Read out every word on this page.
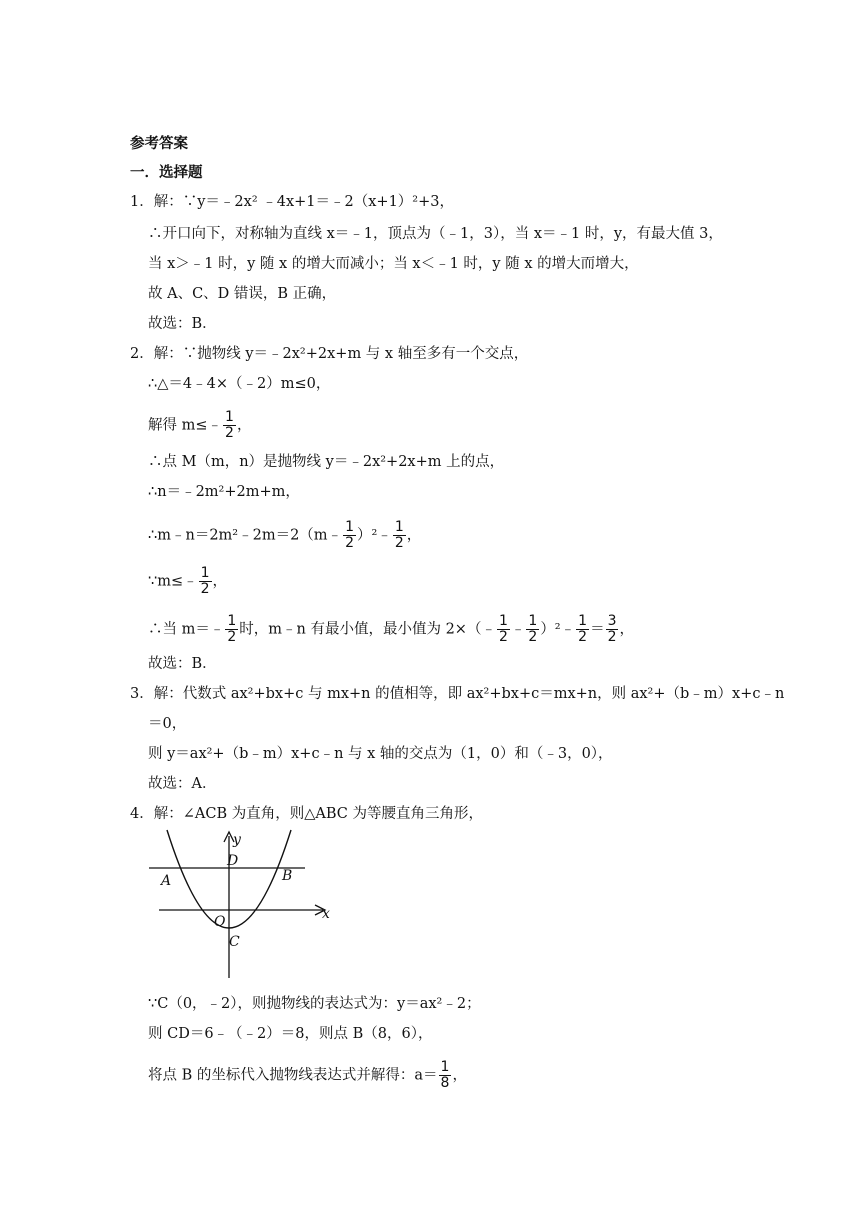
参考答案
一．选择题
1．解：∵y＝﹣2x² ﹣4x+1＝﹣2（x+1）²+3，
∴开口向下，对称轴为直线 x＝﹣1，顶点为（﹣1，3），当 x＝﹣1 时，y，有最大值 3，
当 x＞﹣1 时，y 随 x 的增大而减小；当 x＜﹣1 时，y 随 x 的增大而增大，
故 A、C、D 错误，B 正确，
故选：B．
2．解：∵抛物线 y＝﹣2x²+2x+m 与 x 轴至多有一个交点，
∴△＝4﹣4×（﹣2）m≤0，
解得 m≤﹣ $\frac{1}{2}$ ，
∴点 M（m，n）是抛物线 y＝﹣2x²+2x+m 上的点，
∴n＝﹣2m²+2m+m，
∴m﹣n＝2m²﹣2m＝2（m﹣ $\frac{1}{2}$ ）²﹣ $\frac{1}{2}$ ，
∵m≤﹣ $\frac{1}{2}$ ，
∴当 m＝﹣ $\frac{1}{2}$ 时，m﹣n 有最小值，最小值为 2×（﹣ $\frac{1}{2}$ ﹣ $\frac{1}{2}$ ）²﹣ $\frac{1}{2} = \frac{3}{2}$ ，
故选：B．
3．解：代数式 ax²+bx+c 与 mx+n 的值相等，即 ax²+bx+c＝mx+n，则 ax²+（b﹣m）x+c﹣n
＝0，
则 y＝ax²+（b﹣m）x+c﹣n 与 x 轴的交点为（1，0）和（﹣3，0），
故选：A．
4．解：∠ACB 为直角，则△ABC 为等腰直角三角形，
y
x
D
A	B
O
C
∵C（0，﹣2），则抛物线的表达式为：y＝ax²﹣2；
则 CD＝6﹣（﹣2）＝8，则点 B（8，6），
将点 B 的坐标代入抛物线表达式并解得：$a= \frac{1}{8}$ ，
